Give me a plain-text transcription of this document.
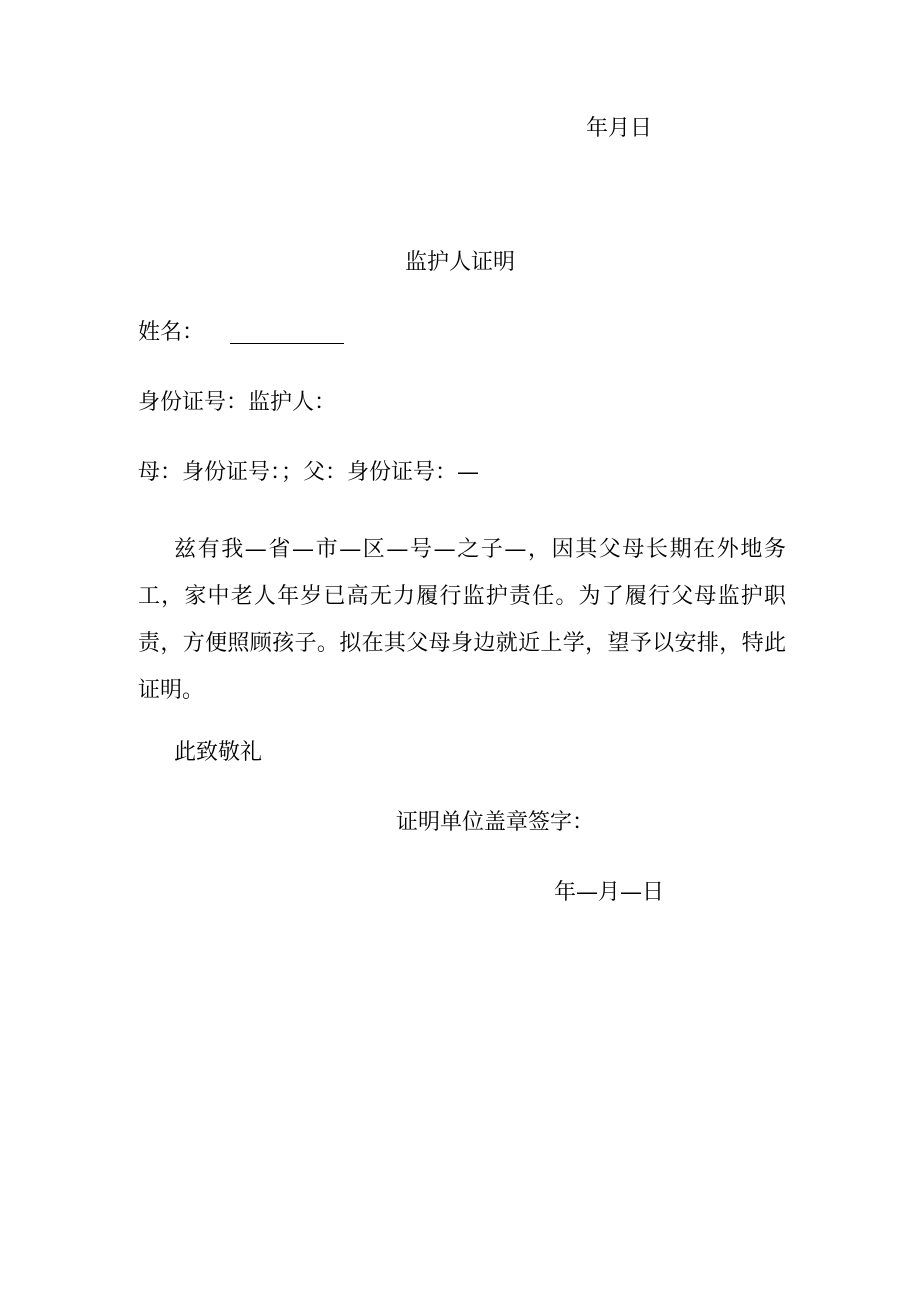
年月日
监护人证明
姓名：
身份证号：监护人：
母：身份证号：；父：身份证号：—
兹有我—省—市—区—号—之子—，因其父母长期在外地务工，家中老人年岁已高无力履行监护责任。为了履行父母监护职责，方便照顾孩子。拟在其父母身边就近上学，望予以安排，特此证明。
此致敬礼
证明单位盖章签字：
年—月—日
